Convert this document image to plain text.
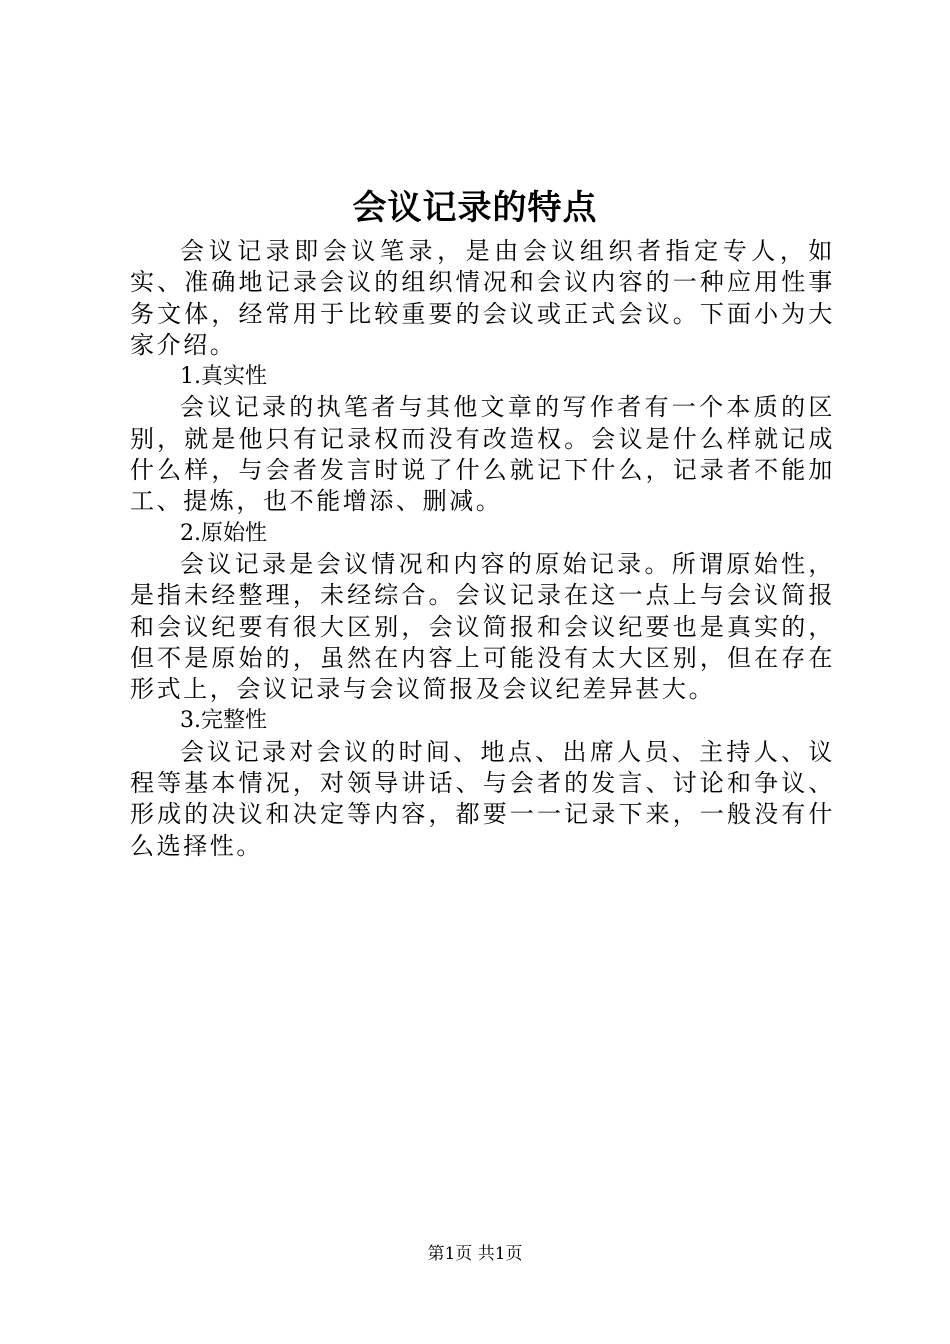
会议记录的特点

会议记录即会议笔录，是由会议组织者指定专人，如实、准确地记录会议的组织情况和会议内容的一种应用性事务文体，经常用于比较重要的会议或正式会议。下面小为大家介绍。

1.真实性

会议记录的执笔者与其他文章的写作者有一个本质的区别，就是他只有记录权而没有改造权。会议是什么样就记成什么样，与会者发言时说了什么就记下什么，记录者不能加工、提炼，也不能增添、删减。

2.原始性

会议记录是会议情况和内容的原始记录。所谓原始性，是指未经整理，未经综合。会议记录在这一点上与会议简报和会议纪要有很大区别，会议简报和会议纪要也是真实的，但不是原始的，虽然在内容上可能没有太大区别，但在存在形式上，会议记录与会议简报及会议纪差异甚大。

3.完整性

会议记录对会议的时间、地点、出席人员、主持人、议程等基本情况，对领导讲话、与会者的发言、讨论和争议、形成的决议和决定等内容，都要一一记录下来，一般没有什么选择性。

第1页 共1页
